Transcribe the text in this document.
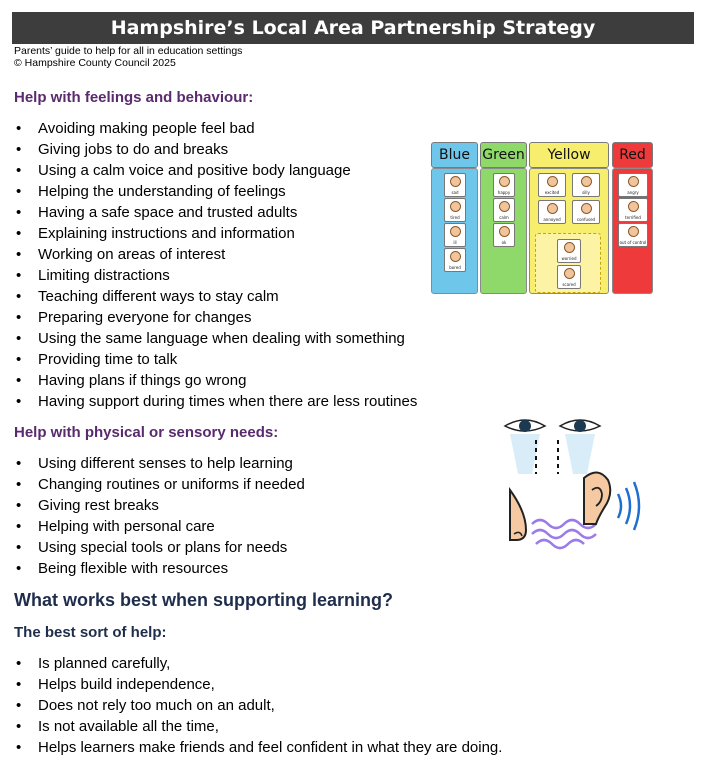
Hampshire’s Local Area Partnership Strategy
Parents’ guide to help for all in education settings
© Hampshire County Council 2025
Help with feelings and behaviour:
• Avoiding making people feel bad
• Giving jobs to do and breaks
• Using a calm voice and positive body language
• Helping the understanding of feelings
• Having a safe space and trusted adults
• Explaining instructions and information
• Working on areas of interest
• Limiting distractions
• Teaching different ways to stay calm
• Preparing everyone for changes
• Using the same language when dealing with something
• Providing time to talk
• Having plans if things go wrong
• Having support during times when there are less routines
Blue
sad
tired
ill
bored
Green
happy
calm
ok
Yellow
excited	silly
annoyed	confused
worried
scared
Red
angry
terrified
out of control
Help with physical or sensory needs:
• Using different senses to help learning
• Changing routines or uniforms if needed
• Giving rest breaks
• Helping with personal care
• Using special tools or plans for needs
• Being flexible with resources
What works best when supporting learning?
The best sort of help:
• Is planned carefully,
• Helps build independence,
• Does not rely too much on an adult,
• Is not available all the time,
• Helps learners make friends and feel confident in what they are doing.
